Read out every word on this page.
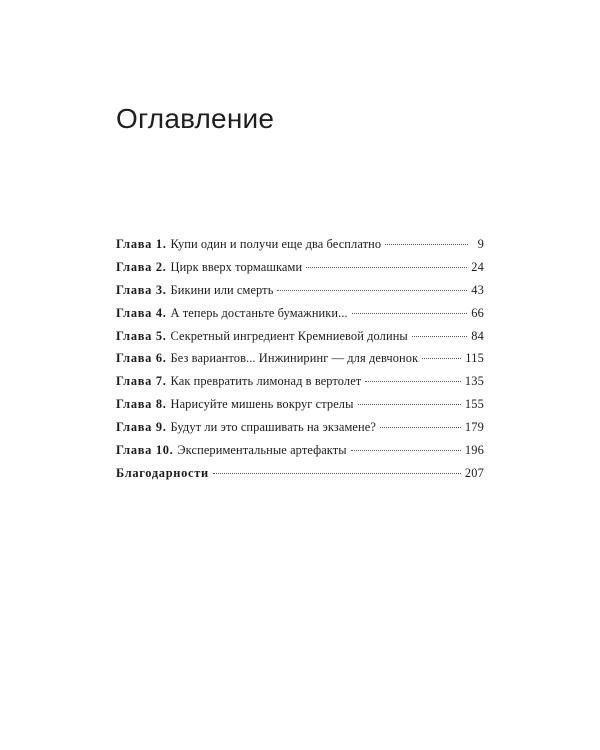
Оглавление
Глава 1. Купи один и получи еще два бесплатно	9
Глава 2. Цирк вверх тормашками	24
Глава 3. Бикини или смерть	43
Глава 4. А теперь достаньте бумажники...	66
Глава 5. Секретный ингредиент Кремниевой долины	84
Глава 6. Без вариантов... Инжиниринг — для девчонок	115
Глава 7. Как превратить лимонад в вертолет	135
Глава 8. Нарисуйте мишень вокруг стрелы	155
Глава 9. Будут ли это спрашивать на экзамене?	179
Глава 10. Экспериментальные артефакты	196
Благодарности	207
